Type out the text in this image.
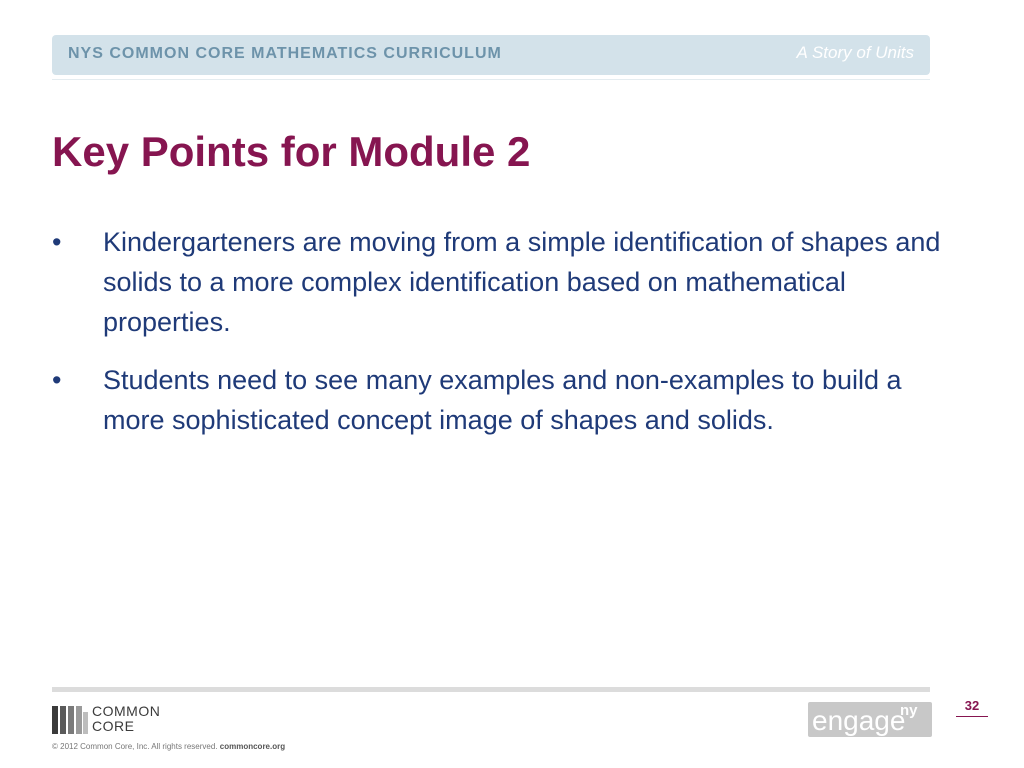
NYS COMMON CORE MATHEMATICS CURRICULUM	A Story of Units
Key Points for Module 2
•	Kindergarteners are moving from a simple identification of shapes and solids to a more complex identification based on mathematical properties.
•	Students need to see many examples and non-examples to build a more sophisticated concept image of shapes and solids.
COMMON
CORE
© 2012 Common Core, Inc. All rights reserved. commoncore.org
engage
ny	32
